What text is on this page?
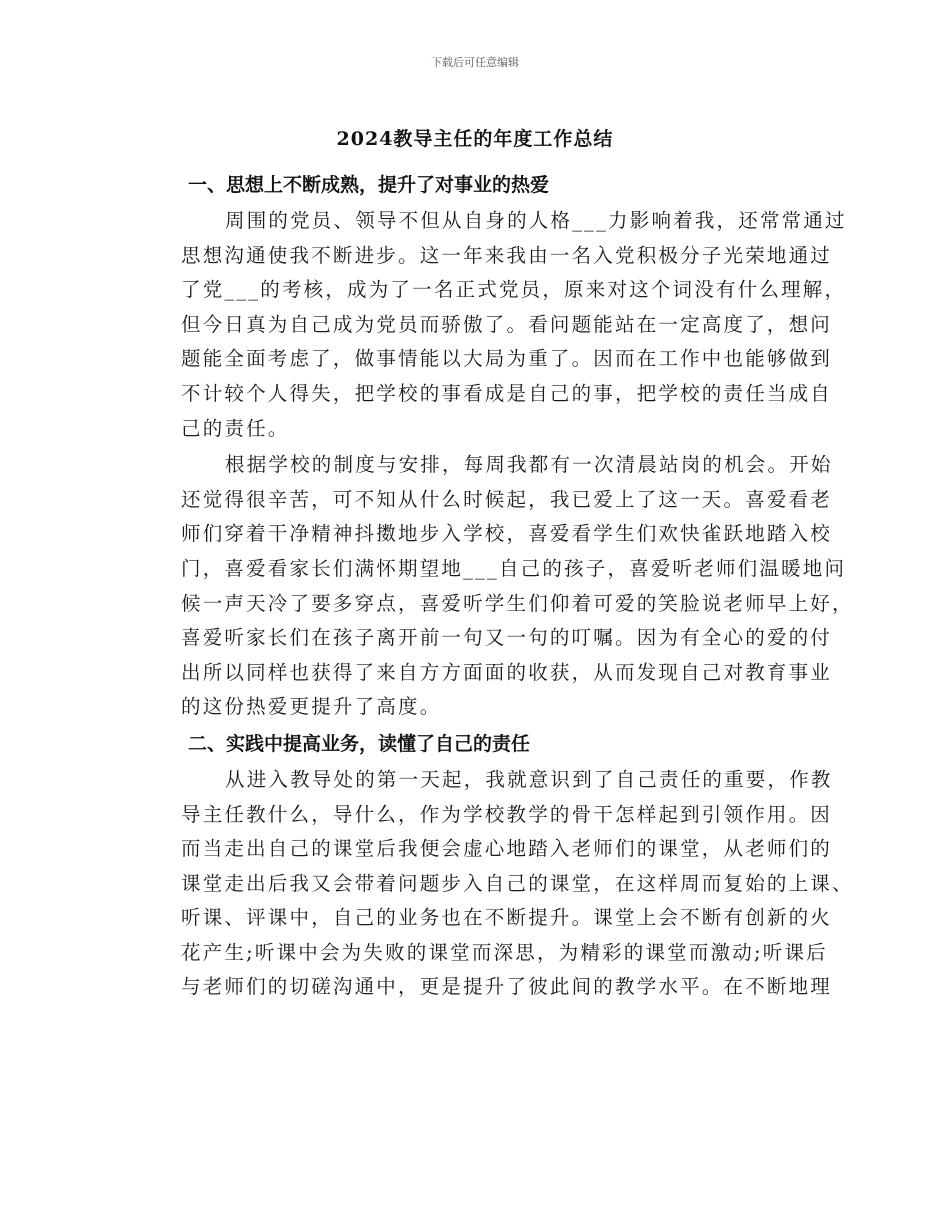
下载后可任意编辑
2024教导主任的年度工作总结
一、思想上不断成熟，提升了对事业的热爱
周围的党员、领导不但从自身的人格___力影响着我，还常常通过
思想沟通使我不断进步。这一年来我由一名入党积极分子光荣地通过
了党___的考核，成为了一名正式党员，原来对这个词没有什么理解，
但今日真为自己成为党员而骄傲了。看问题能站在一定高度了，想问
题能全面考虑了，做事情能以大局为重了。因而在工作中也能够做到
不计较个人得失，把学校的事看成是自己的事，把学校的责任当成自
己的责任。
根据学校的制度与安排，每周我都有一次清晨站岗的机会。开始
还觉得很辛苦，可不知从什么时候起，我已爱上了这一天。喜爱看老
师们穿着干净精神抖擞地步入学校，喜爱看学生们欢快雀跃地踏入校
门，喜爱看家长们满怀期望地___自己的孩子，喜爱听老师们温暖地问
候一声天冷了要多穿点，喜爱听学生们仰着可爱的笑脸说老师早上好，
喜爱听家长们在孩子离开前一句又一句的叮嘱。因为有全心的爱的付
出所以同样也获得了来自方方面面的收获，从而发现自己对教育事业
的这份热爱更提升了高度。
二、实践中提高业务，读懂了自己的责任
从进入教导处的第一天起，我就意识到了自己责任的重要，作教
导主任教什么，导什么，作为学校教学的骨干怎样起到引领作用。因
而当走出自己的课堂后我便会虚心地踏入老师们的课堂，从老师们的
课堂走出后我又会带着问题步入自己的课堂，在这样周而复始的上课、
听课、评课中，自己的业务也在不断提升。课堂上会不断有创新的火
花产生;听课中会为失败的课堂而深思，为精彩的课堂而激动;听课后
与老师们的切磋沟通中，更是提升了彼此间的教学水平。在不断地理
